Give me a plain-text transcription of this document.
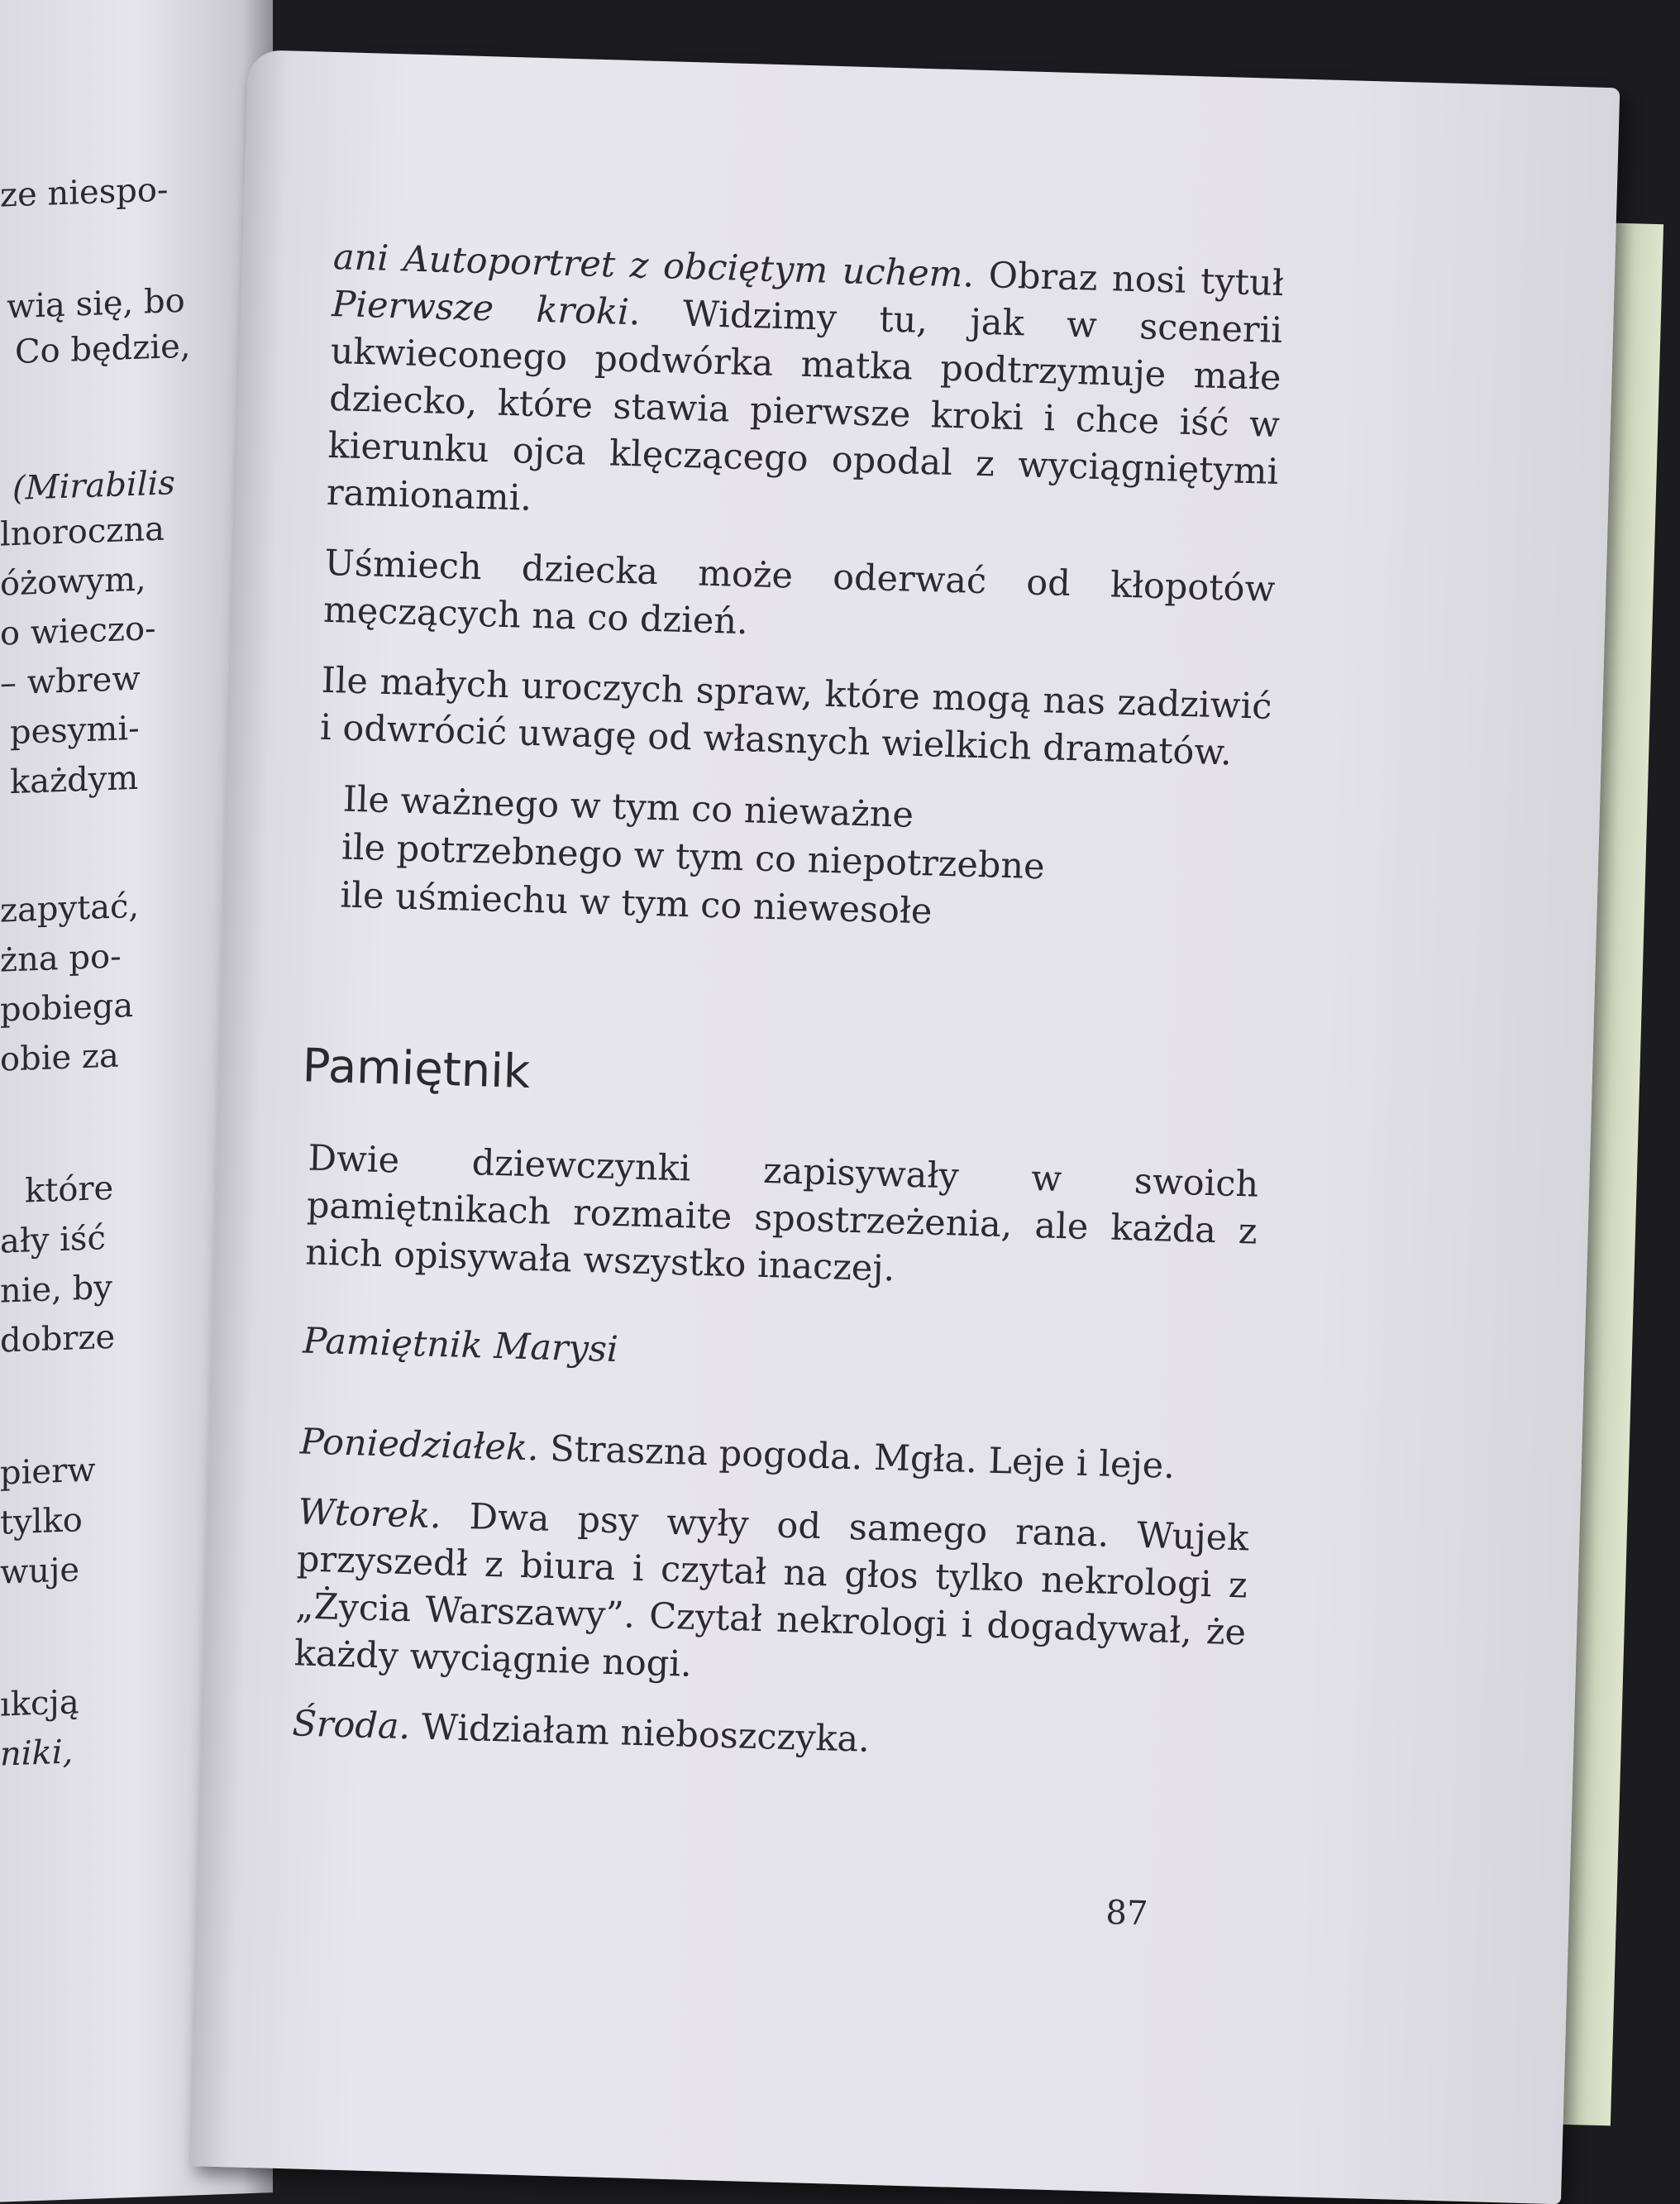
ze niespo-
wią się, bo
Co będzie,
(Mirabilis
lnoroczna
óżowym,
o wieczo-
– wbrew
pesymi-
każdym
zapytać,
żna po-
pobiega
obie za
które
ały iść
nie, by
dobrze
pierw
tylko
wuje
ıkcją
niki,

ani Autoportret z obciętym uchem. Obraz nosi tytuł Pierwsze kroki. Widzimy tu, jak w scenerii ukwieconego podwórka matka podtrzymuje małe dziecko, które stawia pierwsze kroki i chce iść w kierunku ojca klęczącego opodal z wyciągniętymi ramionami.

Uśmiech dziecka może oderwać od kłopotów męczących na co dzień.

Ile małych uroczych spraw, które mogą nas zadziwić i odwrócić uwagę od własnych wielkich dramatów.

Ile ważnego w tym co nieważne
ile potrzebnego w tym co niepotrzebne
ile uśmiechu w tym co niewesołe
Pamiętnik

Dwie dziewczynki zapisywały w swoich pamiętnikach rozmaite spostrzeżenia, ale każda z nich opisywała wszystko inaczej.

Pamiętnik Marysi

Poniedziałek. Straszna pogoda. Mgła. Leje i leje.

Wtorek. Dwa psy wyły od samego rana. Wujek przyszedł z biura i czytał na głos tylko nekrologi z „Życia Warszawy”. Czytał nekrologi i dogadywał, że każdy wyciągnie nogi.

Środa. Widziałam nieboszczyka.

87
